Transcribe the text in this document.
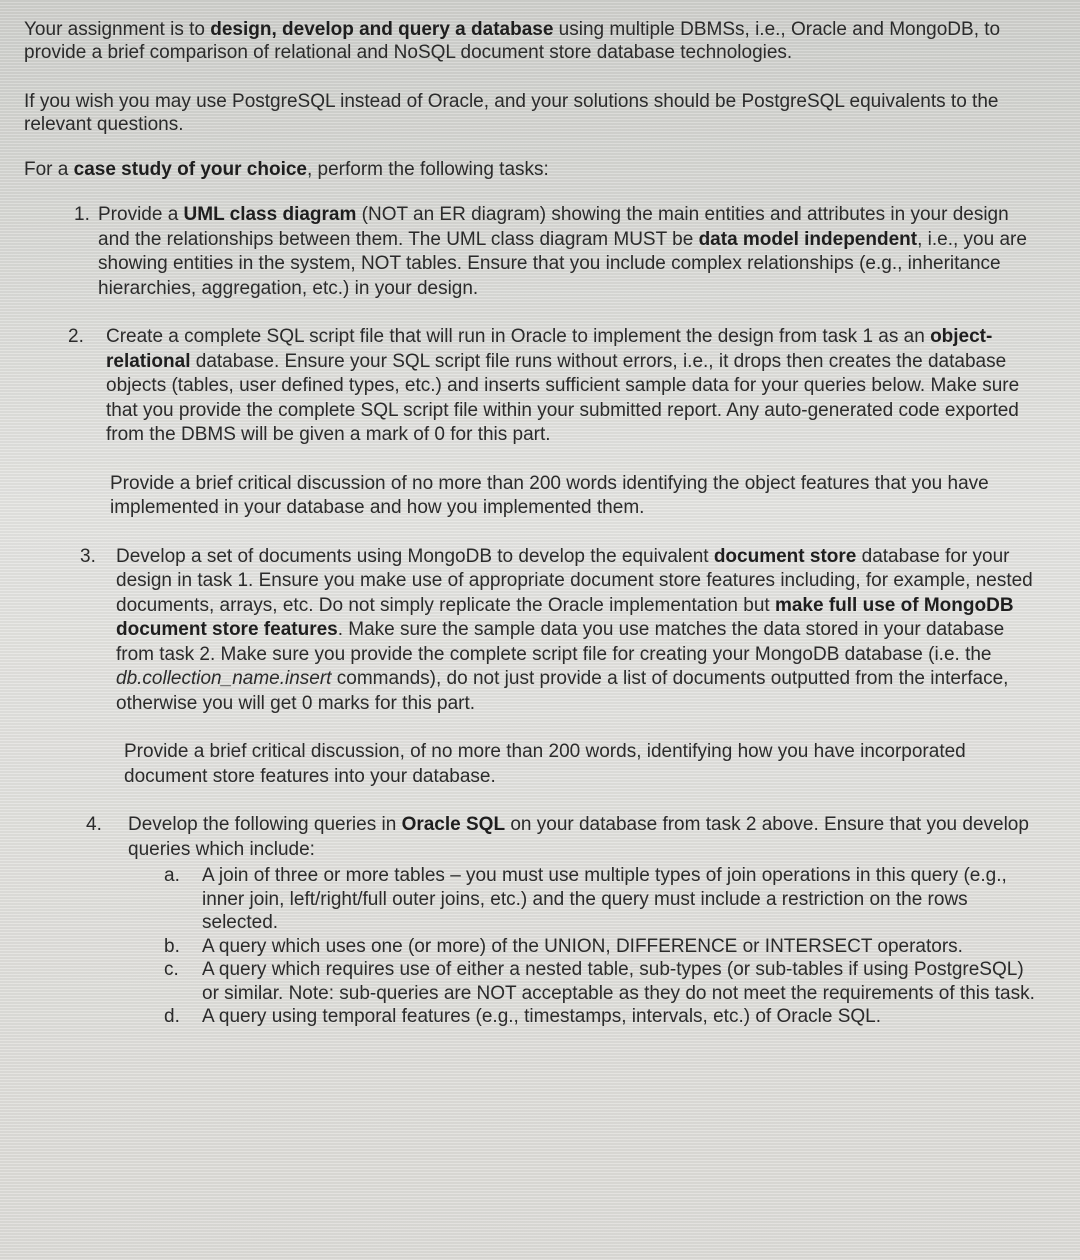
Your assignment is to design, develop and query a database using multiple DBMSs, i.e., Oracle and MongoDB, to provide a brief comparison of relational and NoSQL document store database technologies.

If you wish you may use PostgreSQL instead of Oracle, and your solutions should be PostgreSQL equivalents to the relevant questions.

For a case study of your choice, perform the following tasks:

1. Provide a UML class diagram (NOT an ER diagram) showing the main entities and attributes in your design and the relationships between them. The UML class diagram MUST be data model independent, i.e., you are showing entities in the system, NOT tables. Ensure that you include complex relationships (e.g., inheritance hierarchies, aggregation, etc.) in your design.
2. Create a complete SQL script file that will run in Oracle to implement the design from task 1 as an object-relational database. Ensure your SQL script file runs without errors, i.e., it drops then creates the database objects (tables, user defined types, etc.) and inserts sufficient sample data for your queries below. Make sure that you provide the complete SQL script file within your submitted report. Any auto-generated code exported from the DBMS will be given a mark of 0 for this part.

Provide a brief critical discussion of no more than 200 words identifying the object features that you have implemented in your database and how you implemented them.

3. Develop a set of documents using MongoDB to develop the equivalent document store database for your design in task 1. Ensure you make use of appropriate document store features including, for example, nested documents, arrays, etc. Do not simply replicate the Oracle implementation but make full use of MongoDB document store features. Make sure the sample data you use matches the data stored in your database from task 2. Make sure you provide the complete script file for creating your MongoDB database (i.e. the db.collection_name.insert commands), do not just provide a list of documents outputted from the interface, otherwise you will get 0 marks for this part.

Provide a brief critical discussion, of no more than 200 words, identifying how you have incorporated document store features into your database.

4. Develop the following queries in Oracle SQL on your database from task 2 above. Ensure that you develop queries which include:
a. A join of three or more tables – you must use multiple types of join operations in this query (e.g., inner join, left/right/full outer joins, etc.) and the query must include a restriction on the rows selected.
b. A query which uses one (or more) of the UNION, DIFFERENCE or INTERSECT operators.
c. A query which requires use of either a nested table, sub-types (or sub-tables if using PostgreSQL) or similar. Note: sub-queries are NOT acceptable as they do not meet the requirements of this task.
d. A query using temporal features (e.g., timestamps, intervals, etc.) of Oracle SQL.
